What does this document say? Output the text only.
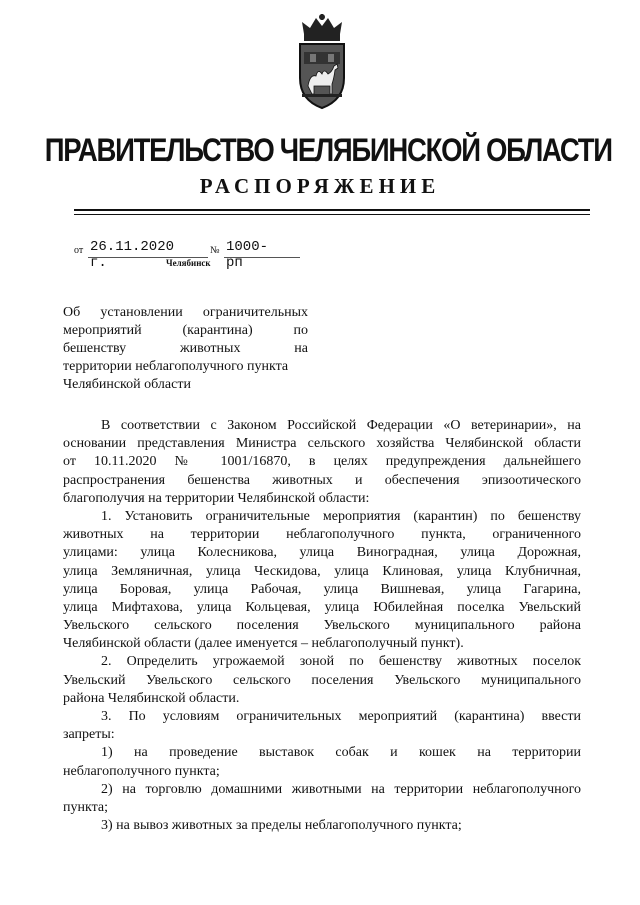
ПРАВИТЕЛЬСТВО ЧЕЛЯБИНСКОЙ ОБЛАСТИ
РАСПОРЯЖЕНИЕ
от 26.11.2020 г.
№ 1000-рп
Челябинск
Об установлении ограничительных
мероприятий (карантина) по
бешенству животных на
территории неблагополучного пункта
Челябинской области
В соответствии с Законом Российской Федерации «О ветеринарии», на
основании представления Министра сельского хозяйства Челябинской области
от 10.11.2020 № 1001/16870, в целях предупреждения дальнейшего
распространения бешенства животных и обеспечения эпизоотического
благополучия на территории Челябинской области:
1. Установить ограничительные мероприятия (карантин) по бешенству
животных на территории неблагополучного пункта, ограниченного
улицами: улица Колесникова, улица Виноградная, улица Дорожная,
улица Земляничная, улица Ческидова, улица Клиновая, улица Клубничная,
улица Боровая, улица Рабочая, улица Вишневая, улица Гагарина,
улица Мифтахова, улица Кольцевая, улица Юбилейная поселка Увельский
Увельского сельского поселения Увельского муниципального района
Челябинской области (далее именуется – неблагополучный пункт).
2. Определить угрожаемой зоной по бешенству животных поселок
Увельский Увельского сельского поселения Увельского муниципального
района Челябинской области.
3. По условиям ограничительных мероприятий (карантина) ввести
запреты:
1) на проведение выставок собак и кошек на территории
неблагополучного пункта;
2) на торговлю домашними животными на территории неблагополучного
пункта;
3) на вывоз животных за пределы неблагополучного пункта;
